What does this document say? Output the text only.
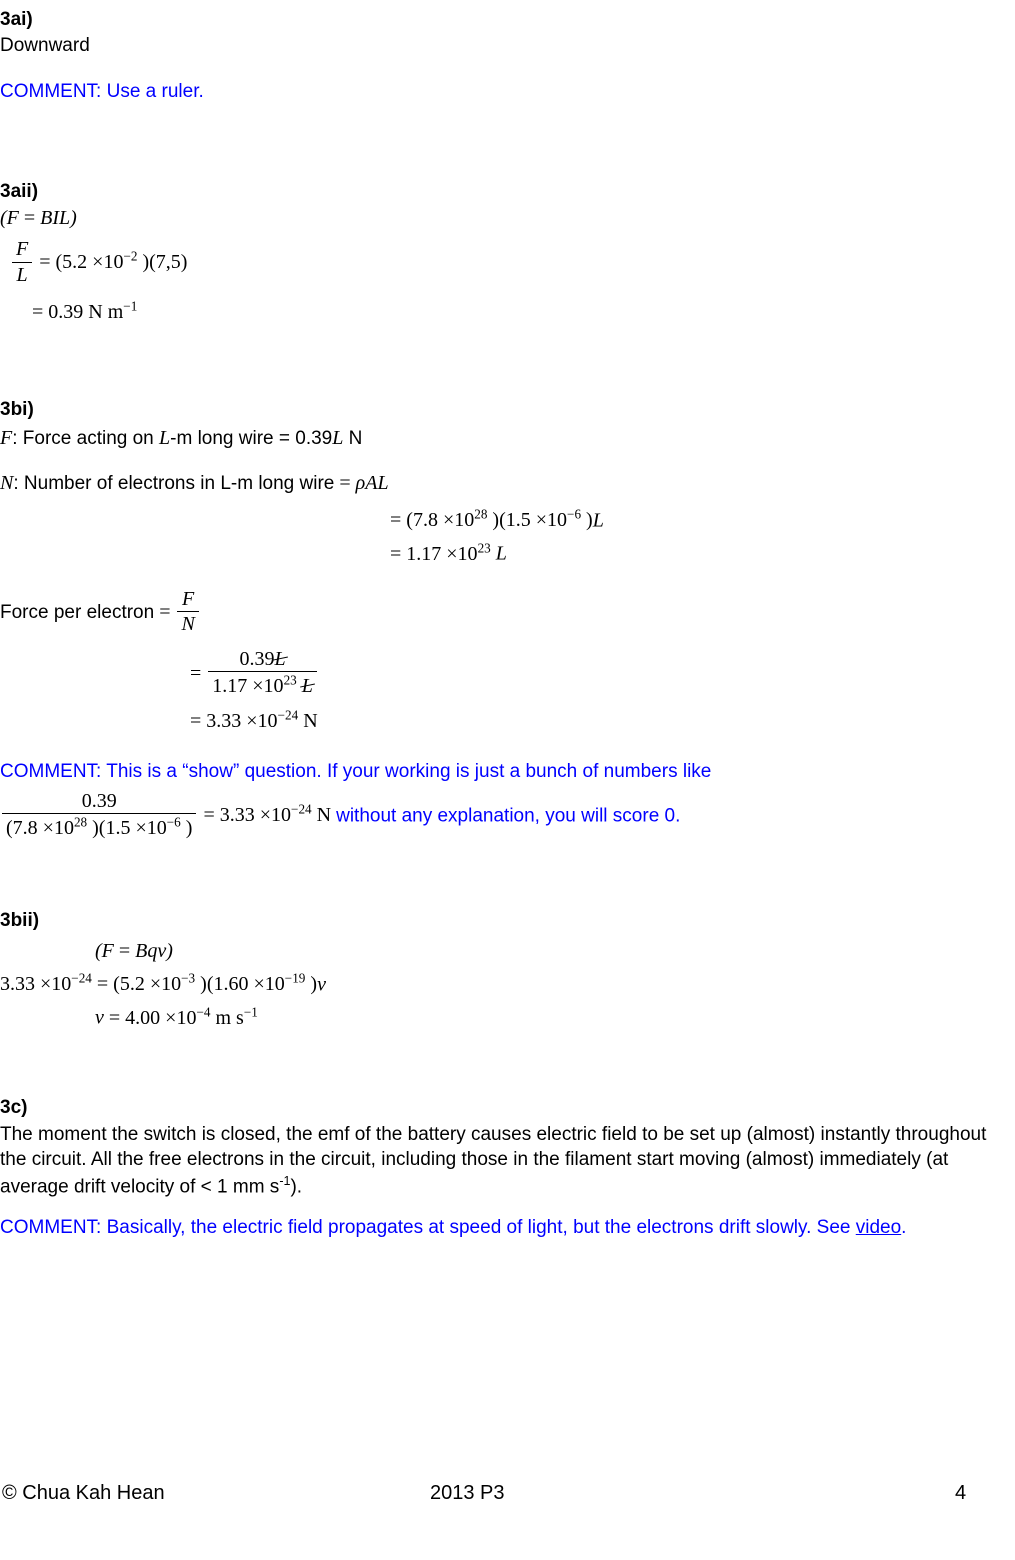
3ai)
Downward
COMMENT: Use a ruler.
3aii)
(F = BIL)
$\frac{F}{L} = (5.2 \times 10^{-2}$ )(7,5)
= 0.39 N $m^{-1}$
3bi)
F: Force acting on L-m long wire = 0.39L N
N: Number of electrons in L-m long wire = ρAL
= ($7.8 \times 10^{28}$ )($1.5 \times 10^{-6}$ )L
= $1.17 \times 10^{23}$ L
Force per electron = $\frac{F}{N}$
= $\frac{0.39L}{1.17 \times 10^{23} L}$
= $3.33 \times 10^{-24}$ N
COMMENT: This is a “show” question. If your working is just a bunch of numbers like
$\frac{0.39}{(7.8 \times 10^{28} )(1.5 \times 10^{-6} )} = 3.33 \times 10^{-24}$ N without any explanation, you will score 0.
3bii)
(F = Bqv)
$3.33 \times 10^{-24} = (5.2 \times 10^{-3}$ )($1.60 \times 10^{-19}$ )v
$v = 4.00 \times 10^{-4}$ m $s^{-1}$
3c)
The moment the switch is closed, the emf of the battery causes electric field to be set up (almost) instantly throughout the circuit. All the free electrons in the circuit, including those in the filament start moving (almost) immediately (at average drift velocity of < 1 mm $s^{-1}$).
COMMENT: Basically, the electric field propagates at speed of light, but the electrons drift slowly. See video.
© Chua Kah Hean	2013 P3	4
